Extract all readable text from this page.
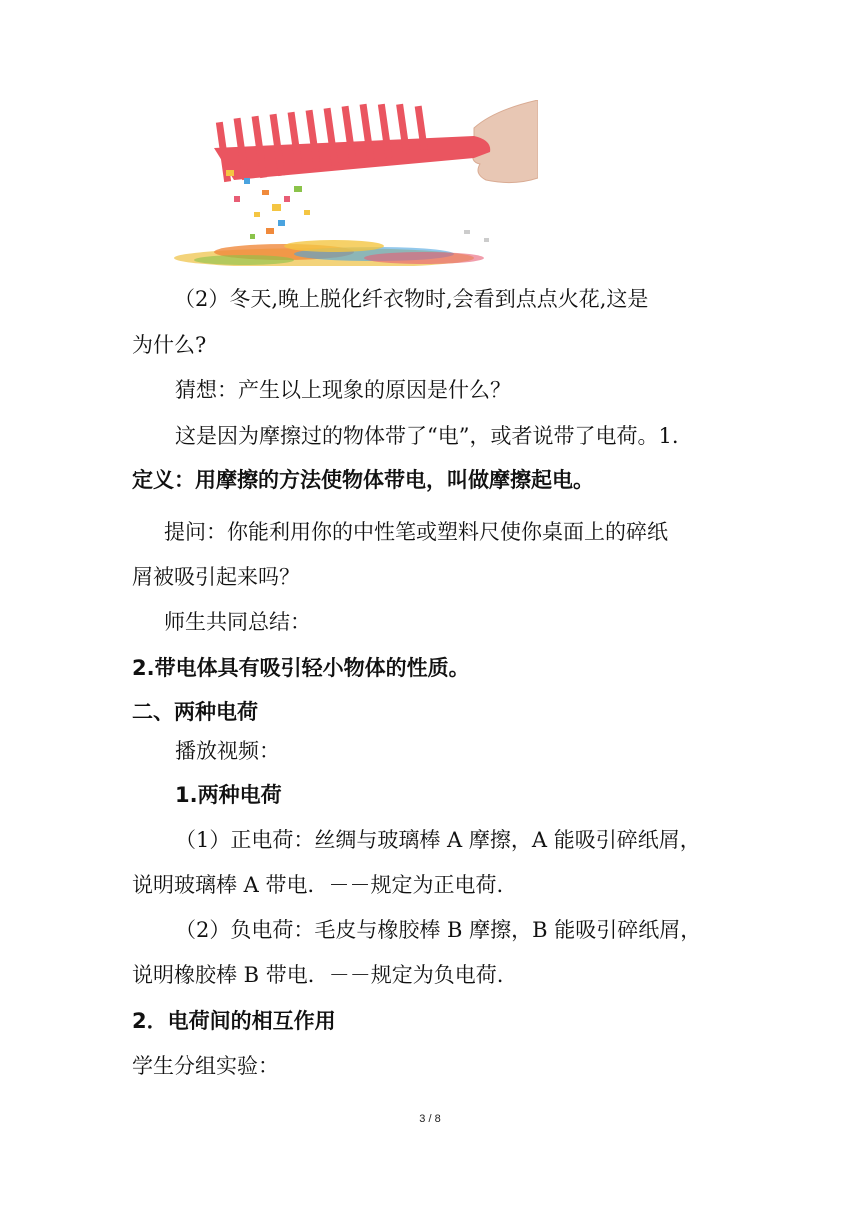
（2）冬天,晚上脱化纤衣物时,会看到点点火花,这是
为什么?
猜想：产生以上现象的原因是什么？
这是因为摩擦过的物体带了“电”，或者说带了电荷。1.
定义：用摩擦的方法使物体带电，叫做摩擦起电。
提问：你能利用你的中性笔或塑料尺使你桌面上的碎纸
屑被吸引起来吗？
师生共同总结：
2.带电体具有吸引轻小物体的性质。
二、两种电荷
播放视频：
1.两种电荷
（1）正电荷：丝绸与玻璃棒 A 摩擦，A 能吸引碎纸屑，
说明玻璃棒 A 带电．－－规定为正电荷.
（2）负电荷：毛皮与橡胶棒 B 摩擦，B 能吸引碎纸屑，
说明橡胶棒 B 带电．－－规定为负电荷.
2．电荷间的相互作用
学生分组实验：
3 / 8
